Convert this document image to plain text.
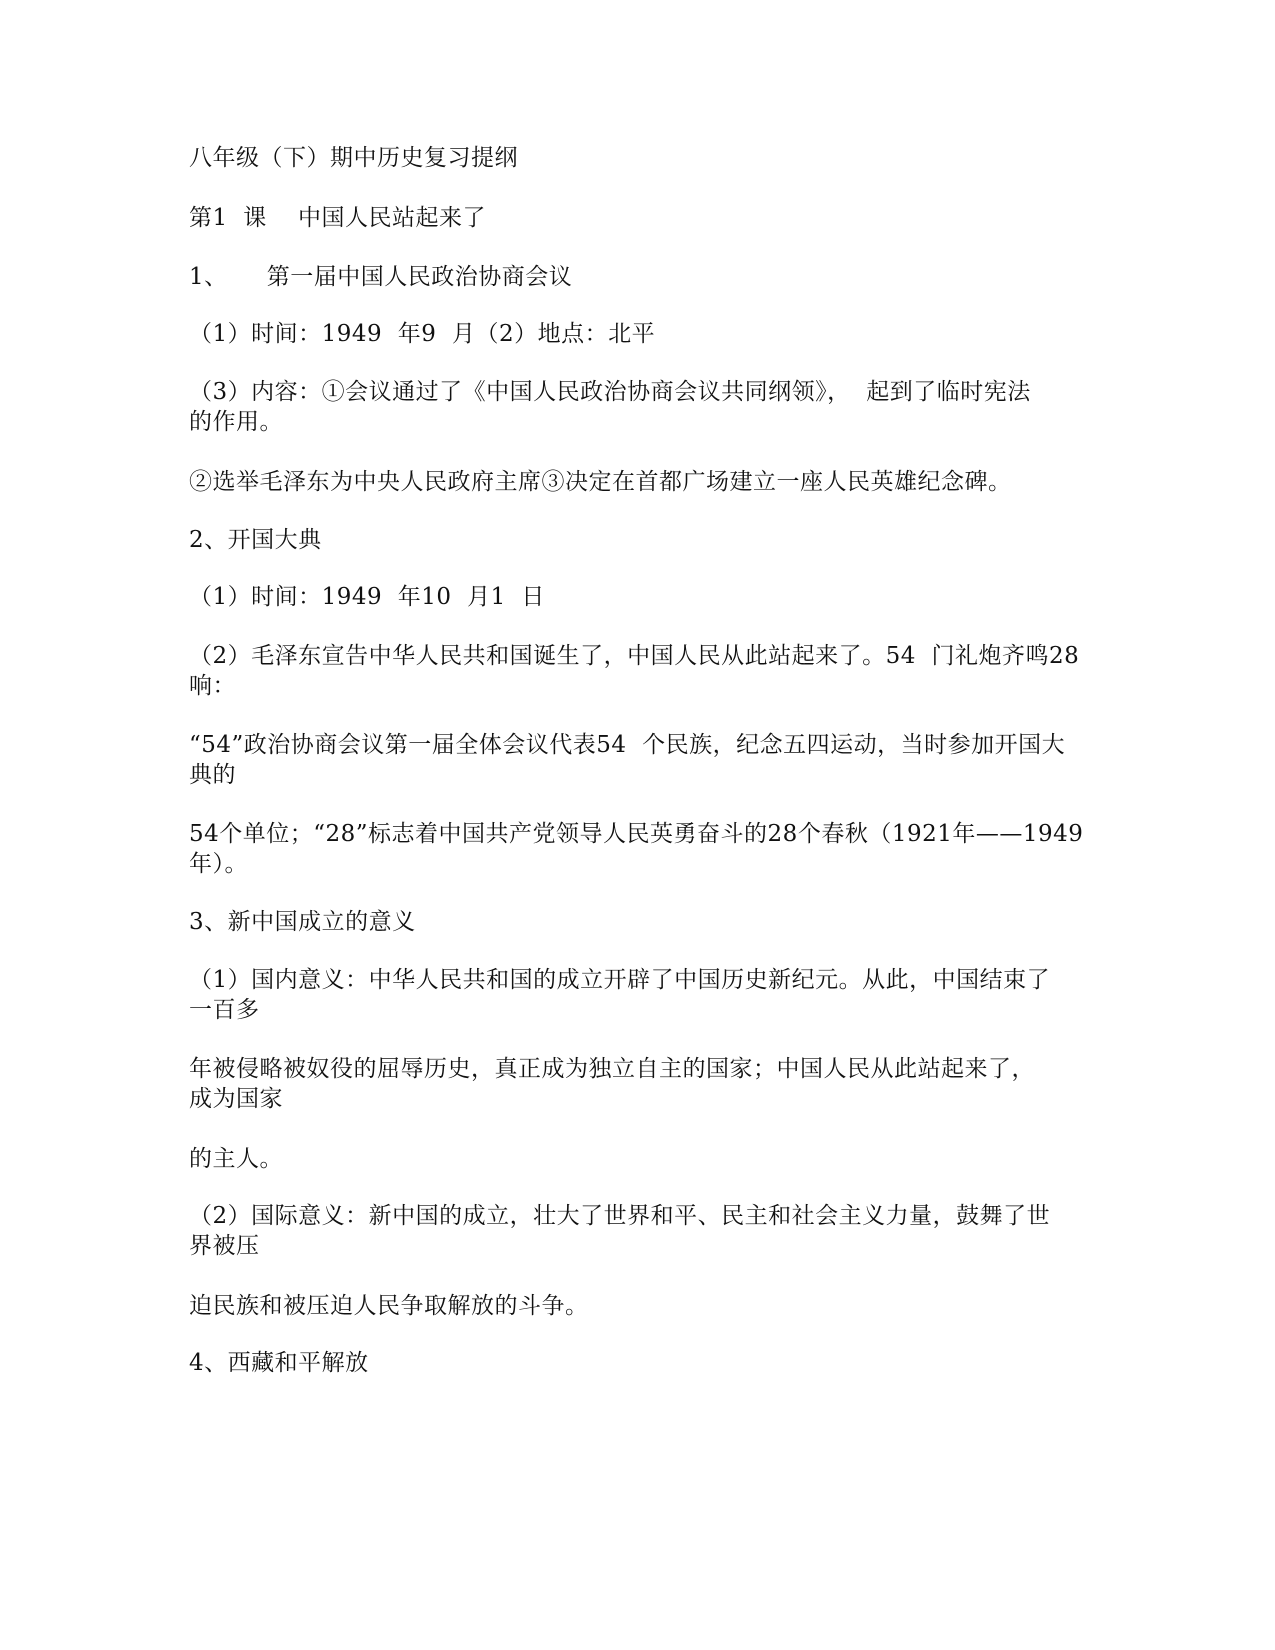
八年级（下）期中历史复习提纲
第1  课    中国人民站起来了
1、     第一届中国人民政治协商会议
（1）时间：1949  年9  月（2）地点：北平
（3）内容：①会议通过了《中国人民政治协商会议共同纲领》，  起到了临时宪法
的作用。
②选举毛泽东为中央人民政府主席③决定在首都广场建立一座人民英雄纪念碑。
2、开国大典
（1）时间：1949  年10  月1  日
（2）毛泽东宣告中华人民共和国诞生了，中国人民从此站起来了。54  门礼炮齐鸣28
响：
“54”政治协商会议第一届全体会议代表54  个民族，纪念五四运动，当时参加开国大
典的
54个单位；“28”标志着中国共产党领导人民英勇奋斗的28个春秋（1921年——1949
年）。
3、新中国成立的意义
（1）国内意义：中华人民共和国的成立开辟了中国历史新纪元。从此，中国结束了
一百多
年被侵略被奴役的屈辱历史，真正成为独立自主的国家；中国人民从此站起来了，
成为国家
的主人。
（2）国际意义：新中国的成立，壮大了世界和平、民主和社会主义力量，鼓舞了世
界被压
迫民族和被压迫人民争取解放的斗争。
4、西藏和平解放
